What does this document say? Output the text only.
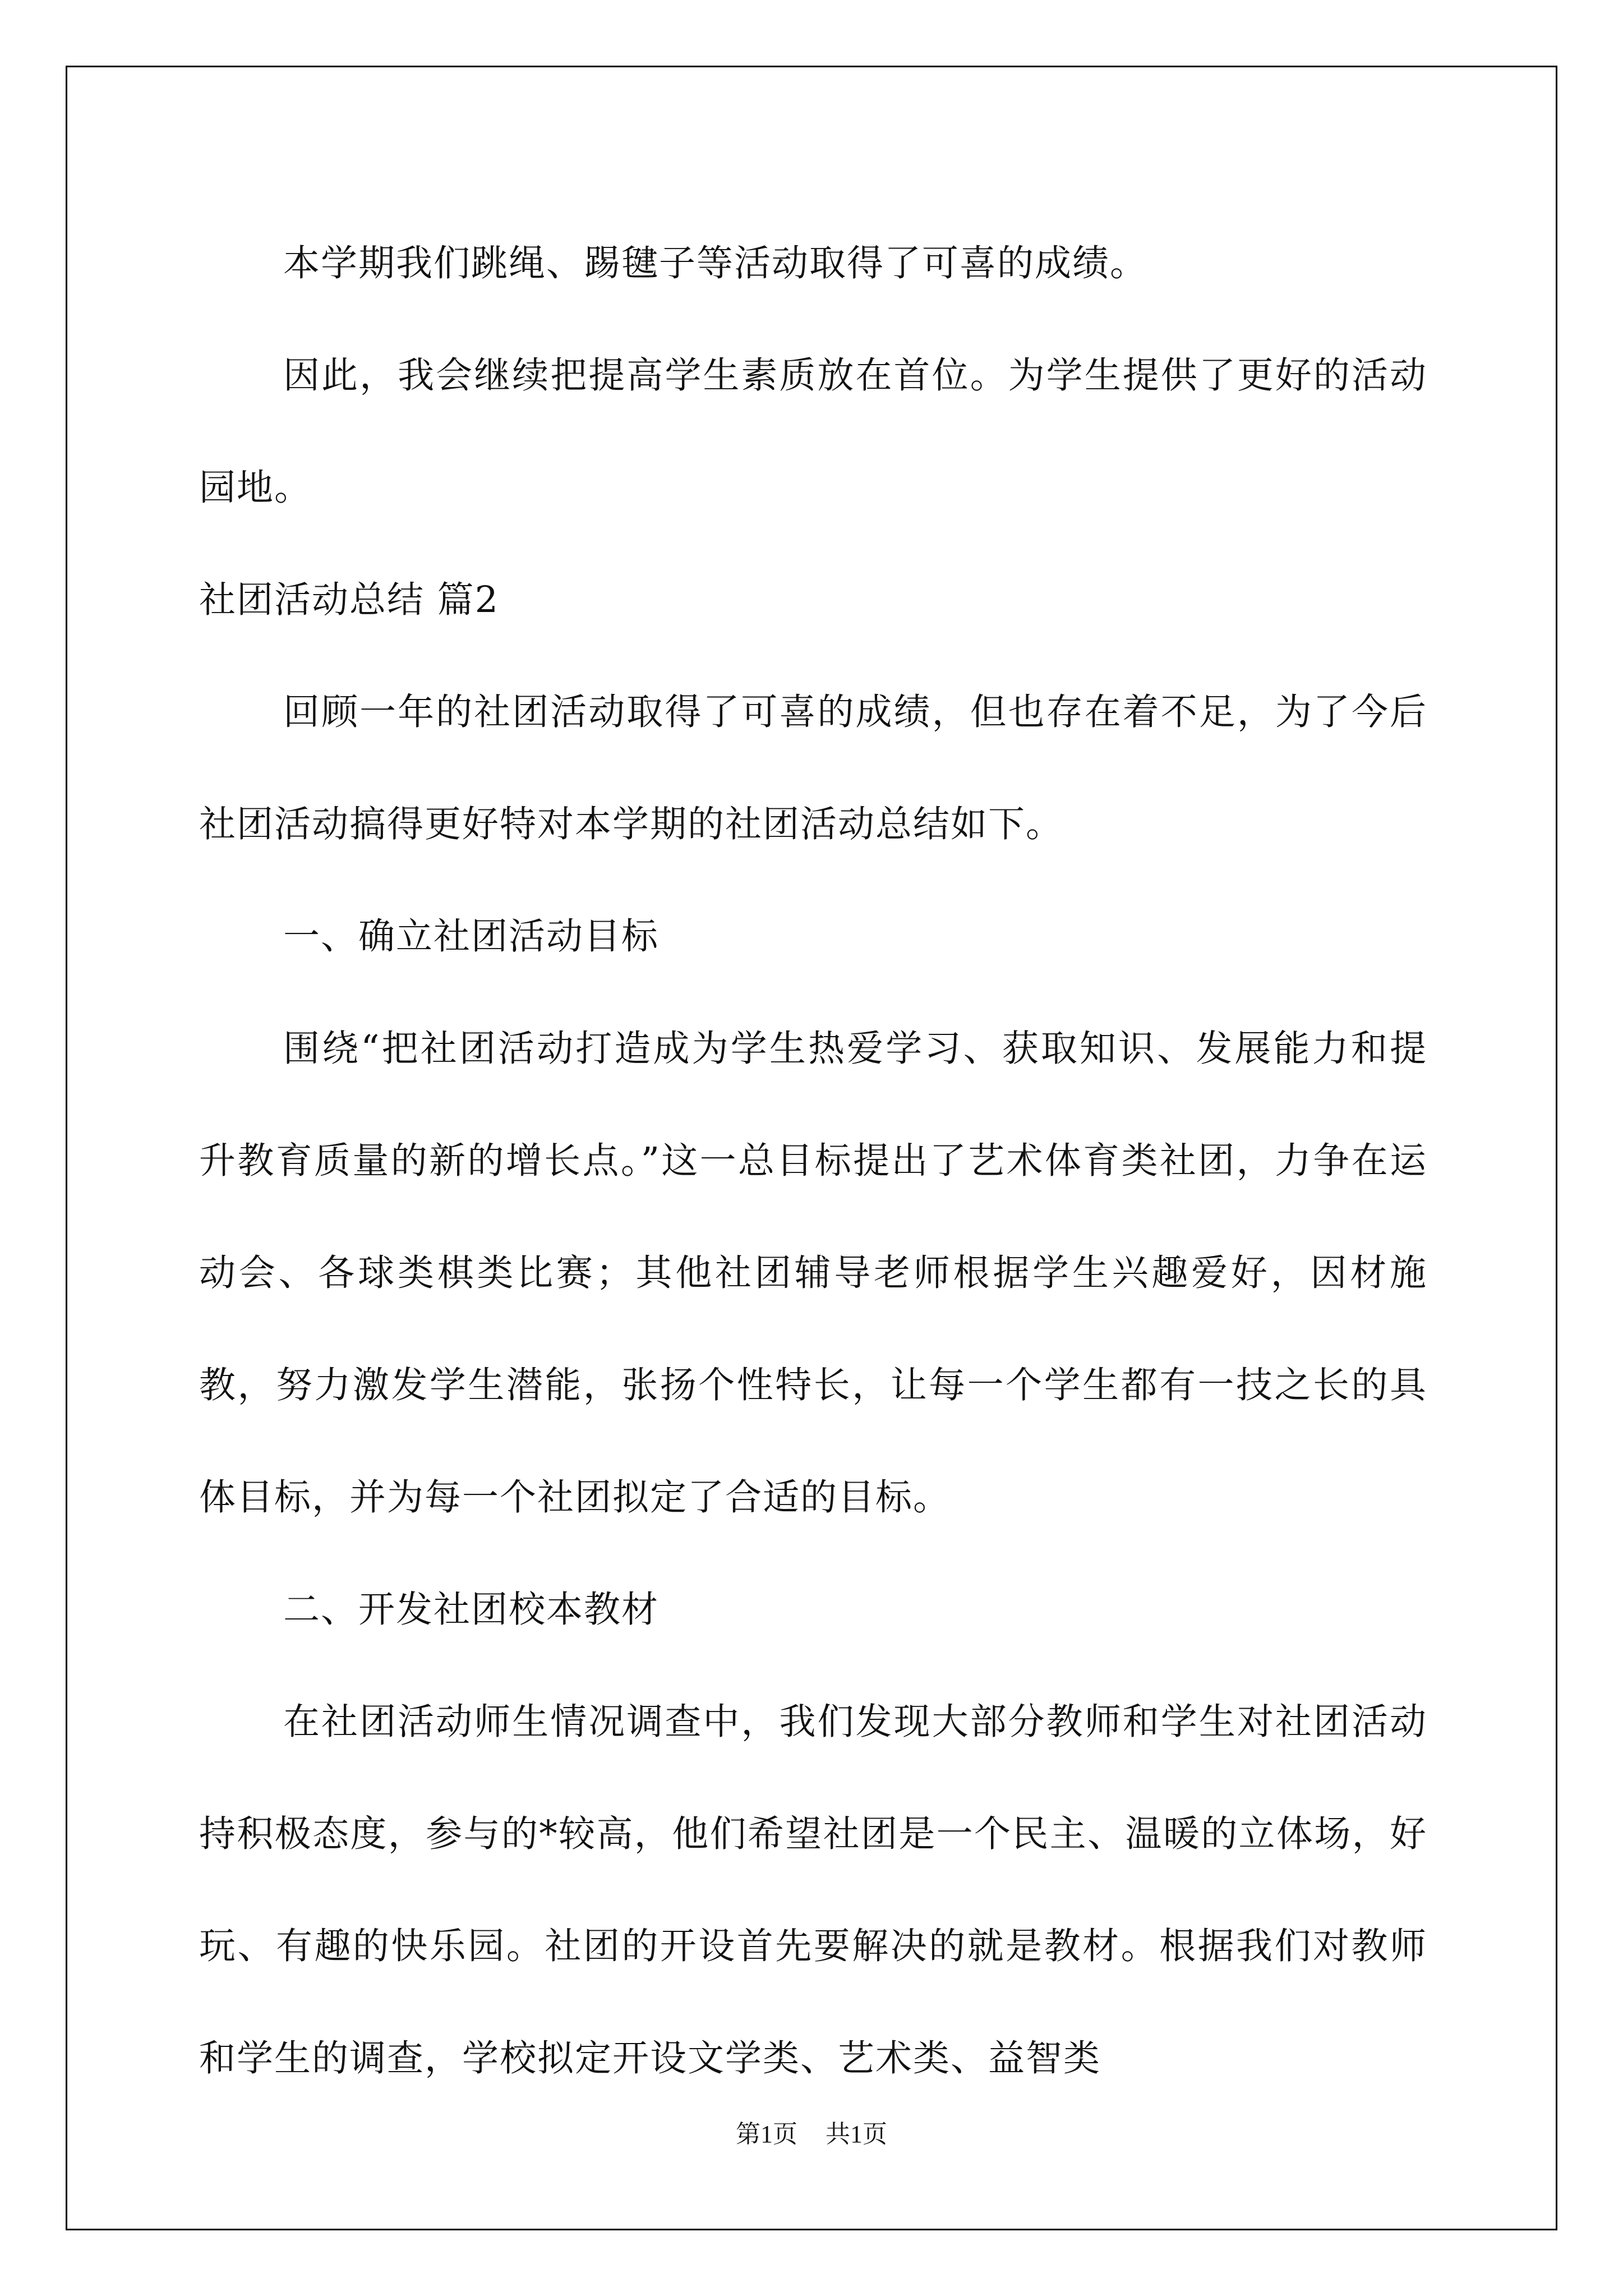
本学期我们跳绳、踢毽子等活动取得了可喜的成绩。

因此，我会继续把提高学生素质放在首位。为学生提供了更好的活动园地。

社团活动总结 篇2

回顾一年的社团活动取得了可喜的成绩，但也存在着不足，为了今后社团活动搞得更好特对本学期的社团活动总结如下。

一、确立社团活动目标

围绕“把社团活动打造成为学生热爱学习、获取知识、发展能力和提升教育质量的新的增长点。”这一总目标提出了艺术体育类社团，力争在运动会、各球类棋类比赛；其他社团辅导老师根据学生兴趣爱好，因材施教，努力激发学生潜能，张扬个性特长，让每一个学生都有一技之长的具体目标，并为每一个社团拟定了合适的目标。

二、开发社团校本教材

在社团活动师生情况调查中，我们发现大部分教师和学生对社团活动持积极态度，参与的*较高，他们希望社团是一个民主、温暖的立体场，好玩、有趣的快乐园。社团的开设首先要解决的就是教材。根据我们对教师和学生的调查，学校拟定开设文学类、艺术类、益智类

第1页 共1页
